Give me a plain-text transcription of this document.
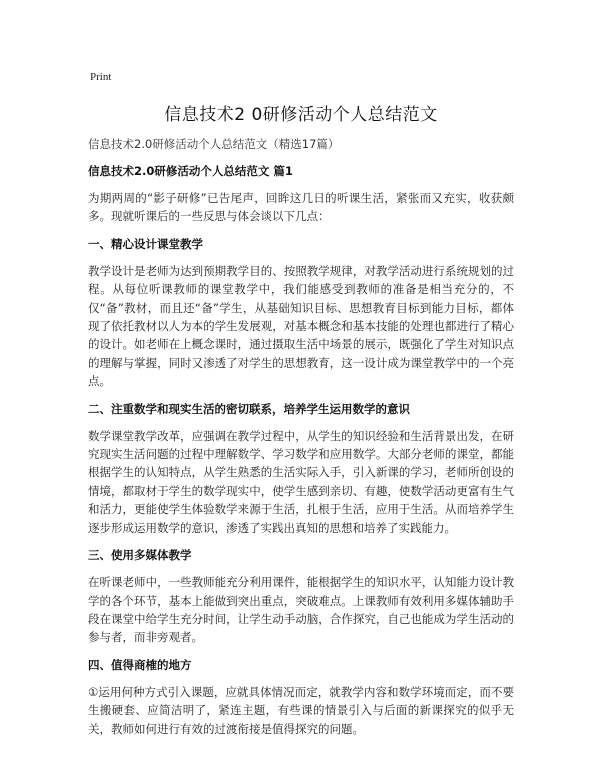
Print
信息技术2 0研修活动个人总结范文
信息技术2.0研修活动个人总结范文（精选17篇）
信息技术2.0研修活动个人总结范文 篇1

为期两周的“影子研修”已告尾声，回眸这几日的听课生活，紧张而又充实，收获颇多。现就听课后的一些反思与体会谈以下几点：

一、精心设计课堂教学

教学设计是老师为达到预期教学目的、按照教学规律，对教学活动进行系统规划的过程。从每位听课教师的课堂教学中，我们能感受到教师的准备是相当充分的，不仅“备”教材，而且还“备”学生，从基础知识目标、思想教育目标到能力目标，都体现了依托教材以人为本的学生发展观，对基本概念和基本技能的处理也都进行了精心的设计。如老师在上概念课时，通过摄取生活中场景的展示，既强化了学生对知识点的理解与掌握，同时又渗透了对学生的思想教育，这一设计成为课堂教学中的一个亮点。

二、注重数学和现实生活的密切联系，培养学生运用数学的意识

数学课堂教学改革，应强调在教学过程中，从学生的知识经验和生活背景出发，在研究现实生活问题的过程中理解数学、学习数学和应用数学。大部分老师的课堂，都能根据学生的认知特点，从学生熟悉的生活实际入手，引入新课的学习，老师所创设的情境，都取材于学生的数学现实中，使学生感到亲切、有趣，使数学活动更富有生气和活力，更能使学生体验数学来源于生活，扎根于生活，应用于生活。从而培养学生逐步形成运用数学的意识，渗透了实践出真知的思想和培养了实践能力。

三、使用多媒体教学

在听课老师中，一些教师能充分利用课件，能根据学生的知识水平，认知能力设计教学的各个环节，基本上能做到突出重点，突破难点。上课教师有效利用多媒体辅助手段在课堂中给学生充分时间，让学生动手动脑，合作探究，自己也能成为学生活动的参与者，而非旁观者。

四、值得商榷的地方

①运用何种方式引入课题，应就具体情况而定，就教学内容和数学环境而定，而不要生搬硬套、应简洁明了，紧连主题，有些课的情景引入与后面的新课探究的似乎无关，教师如何进行有效的过渡衔接是值得探究的问题。
